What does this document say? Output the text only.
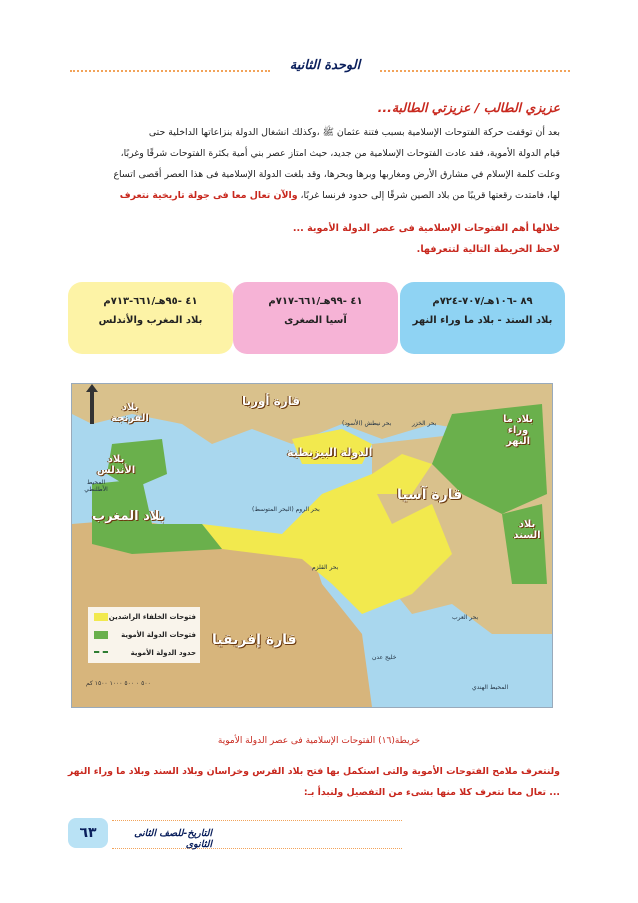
الوحدة الثانية
عزيزي الطالب / عزيزتي الطالبة...
بعد أن توقفت حركة الفتوحات الإسلامية بسبب فتنة عثمان ﷺ ،وكذلك انشغال الدولة بنزاعاتها الداخلية حتى
قيام الدولة الأموية، فقد عادت الفتوحات الإسلامية من جديد، حيث امتاز عصر بني أمية بكثرة الفتوحات شرقًا وغربًا،
وعلت كلمة الإسلام في مشارق الأرض ومغاربها وبرها وبحرها، وقد بلغت الدولة الإسلامية فى هذا العصر أقصى اتساع
لها، فامتدت رقعتها قريبًا من بلاد الصين شرقًا إلى حدود فرنسا غربًا، والآن تعال معا فى جولة تاريخية نتعرف
خلالها أهم الفتوحات الإسلامية فى عصر الدولة الأموية ...
لاحظ الخريطة التالية لتتعرفها.
٨٩ -١٠٦هـ/٧٠٧-٧٢٤م
بلاد السند - بلاد ما وراء النهر
٤١ -٩٩هـ/٦٦١-٧١٧م
آسيا الصغرى
٤١ -٩٥هـ/٦٦١-٧١٣م
بلاد المغرب والأندلس
قارة أوربا
بلاد الفرنجة
بلاد الأندلس
بلاد المغرب
الدولة البيزنطية
قارة آسيا
قارة إفريقيا
بلاد ما وراء النهر
بلاد السند
المحيط الأطلنطي
بحر الروم (البحر المتوسط)
بحر نيطش (الأسود)	بحر الخزر
بحر القلزم
بحر العرب
المحيط الهندي
خليج عدن
فتوحات الخلفاء الراشدين
فتوحات الدولة الأموية
حدود الدولة الأموية
٥٠٠ ٠ ٥٠٠ ١٠٠٠ ١٥٠٠ كم
خريطة(١٦) الفتوحات الإسلامية فى عصر الدولة الأموية
ولنتعرف ملامح الفتوحات الأموية والتى استكمل بها فتح بلاد الفرس وخراسان وبلاد السند وبلاد ما وراء النهر
... تعال معا نتعرف كلا منها بشىء من التفصيل ولنبدأ بـ:
التاريخ-للصف الثانى الثانوى
٦٣
